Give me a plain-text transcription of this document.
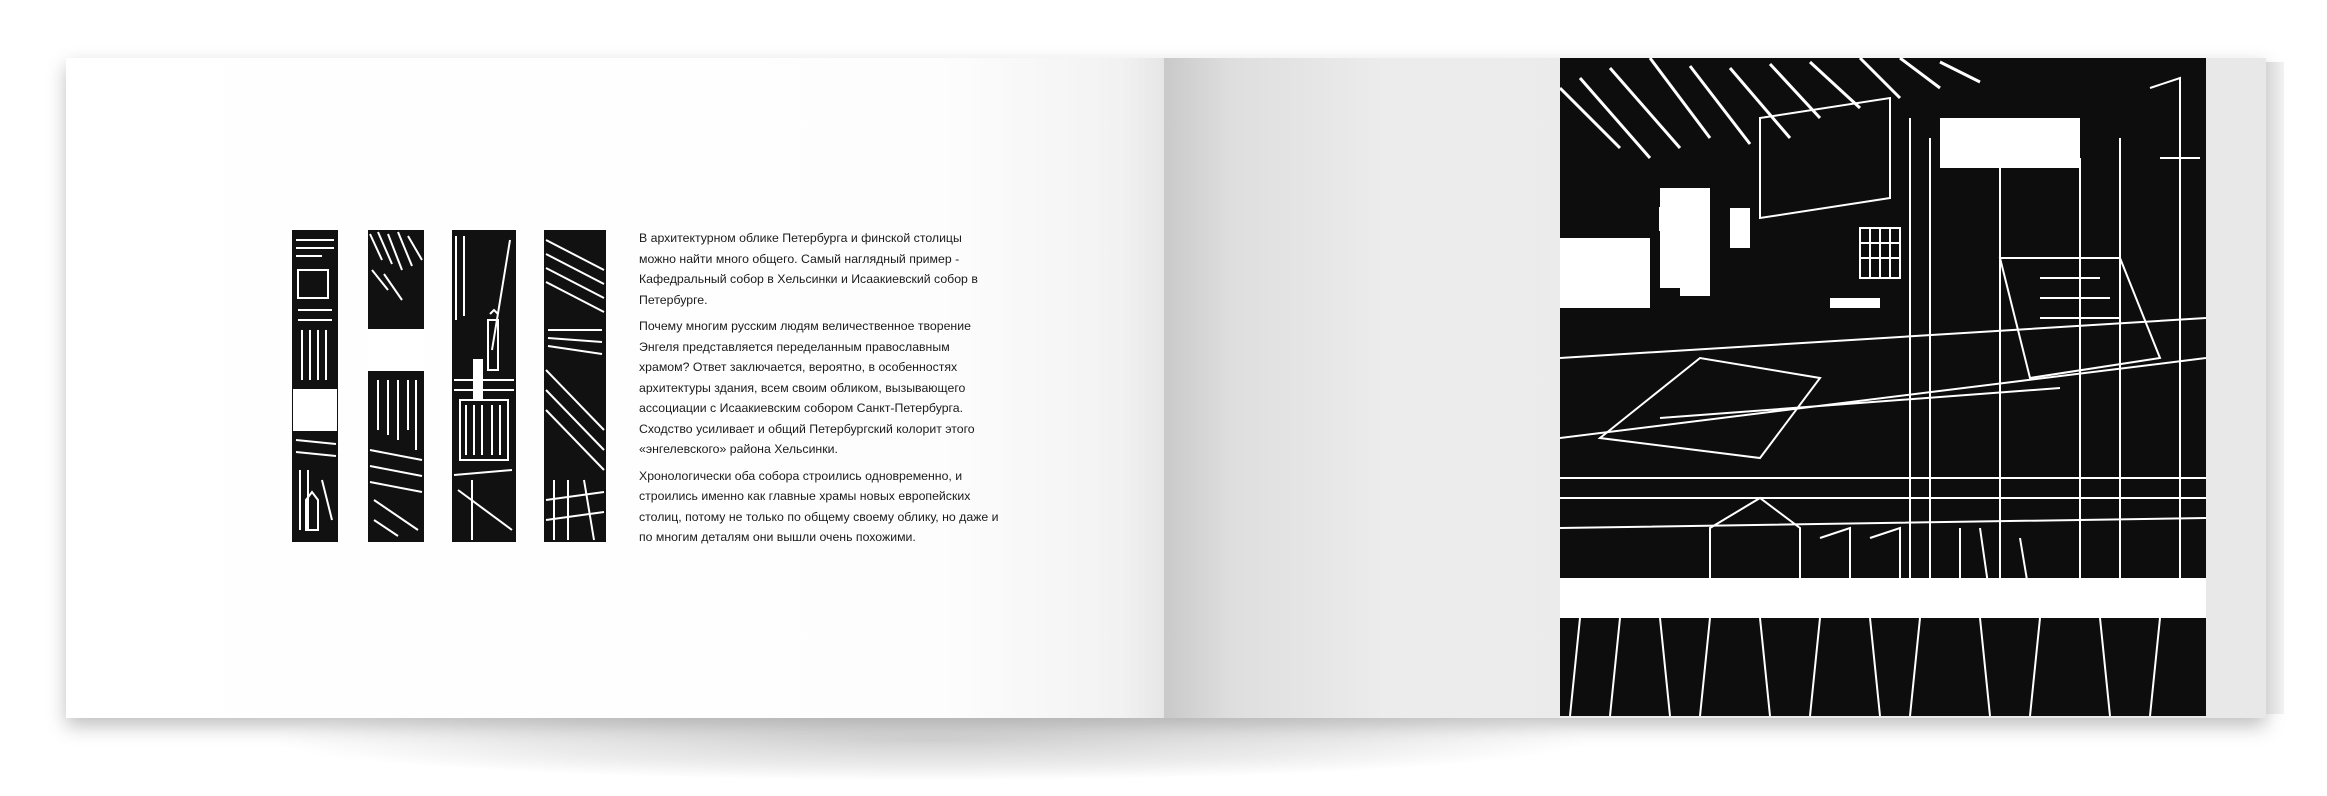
В архитектурном облике Петербурга и финской столицы можно найти много общего. Самый наглядный пример - Кафедральный собор в Хельсинки и Исаакиевский собор в Петербурге.

Почему многим русским людям величественное творение Энгеля представляется переделанным православным храмом? Ответ заключается, вероятно, в особенностях архитектуры здания, всем своим обликом, вызывающего ассоциации с Исаакиевским собором Санкт-Петербурга. Сходство усиливает и общий Петербургский колорит этого «энгелевского» района Хельсинки.

Хронологически оба собора строились одновременно, и строились именно как главные храмы новых европейских столиц, потому не только по общему своему облику, но даже и по многим деталям они вышли очень похожими.
